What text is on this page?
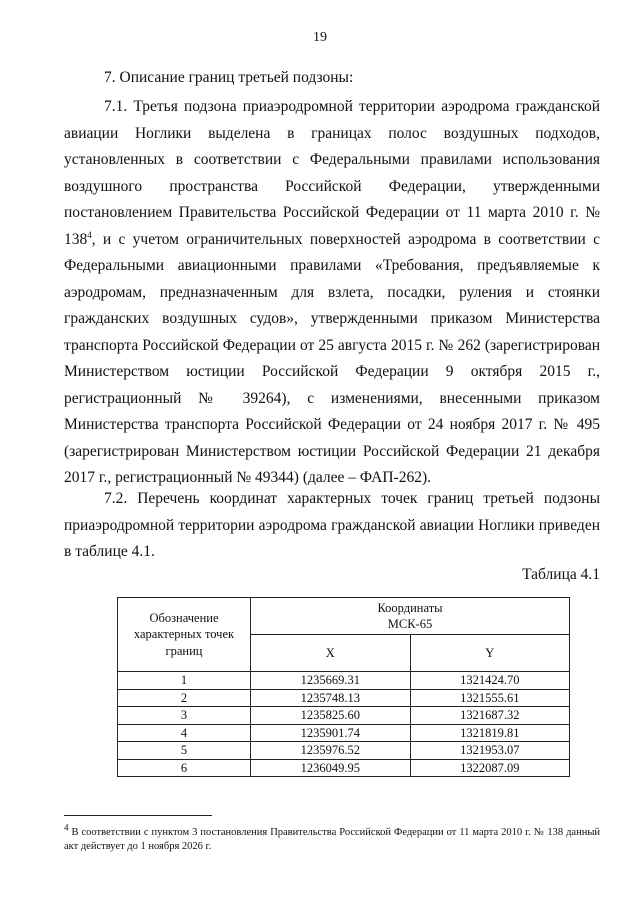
19

7. Описание границ третьей подзоны:

7.1. Третья подзона приаэродромной территории аэродрома гражданской авиации Ноглики выделена в границах полос воздушных подходов, установленных в соответствии с Федеральными правилами использования воздушного пространства Российской Федерации, утвержденными постановлением Правительства Российской Федерации от 11 марта 2010 г. № $138^4$, и с учетом ограничительных поверхностей аэродрома в соответствии с Федеральными авиационными правилами «Требования, предъявляемые к аэродромам, предназначенным для взлета, посадки, руления и стоянки гражданских воздушных судов», утвержденными приказом Министерства транспорта Российской Федерации от 25 августа 2015 г. № 262 (зарегистрирован Министерством юстиции Российской Федерации 9 октября 2015 г., регистрационный № 39264), с изменениями, внесенными приказом Министерства транспорта Российской Федерации от 24 ноября 2017 г. № 495 (зарегистрирован Министерством юстиции Российской Федерации 21 декабря 2017 г., регистрационный № 49344) (далее – ФАП-262).

7.2. Перечень координат характерных точек границ третьей подзоны приаэродромной территории аэродрома гражданской авиации Ноглики приведен в таблице 4.1.

Таблица 4.1
Обозначение характерных точек границ	Координаты
МСК-65	

	X	Y
1	1235669.31	1321424.70
2	1235748.13	1321555.61
3	1235825.60	1321687.32
4	1235901.74	1321819.81
5	1235976.52	1321953.07
6	1236049.95	1322087.09
$^4$ В соответствии с пунктом 3 постановления Правительства Российской Федерации от 11 марта 2010 г. № 138 данный акт действует до 1 ноября 2026 г.
